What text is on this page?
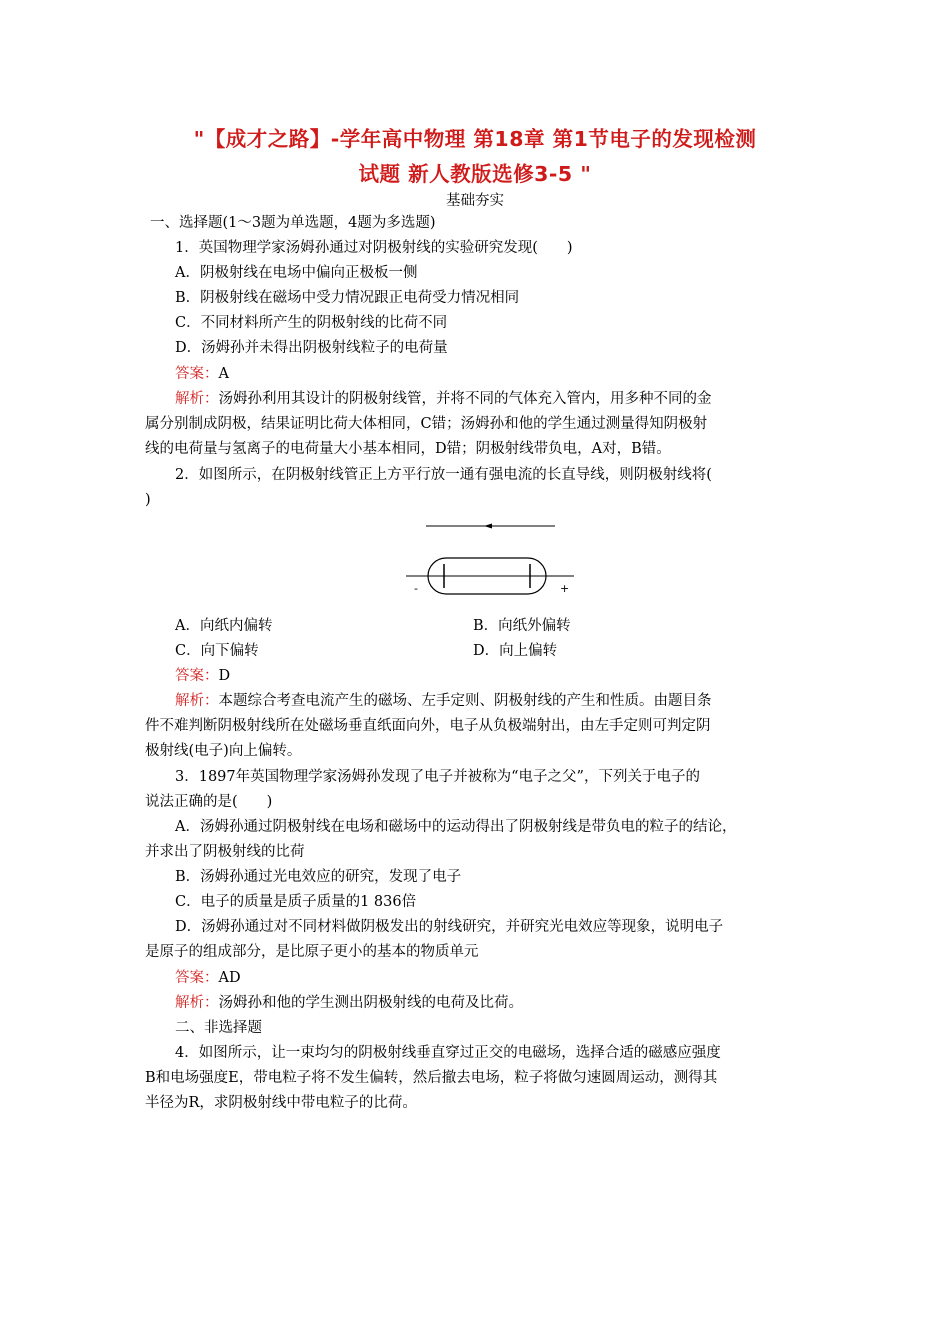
"【成才之路】-学年高中物理 第18章 第1节电子的发现检测
试题 新人教版选修3-5 "
基础夯实
一、选择题(1～3题为单选题，4题为多选题)
1．英国物理学家汤姆孙通过对阴极射线的实验研究发现(　　)
A．阴极射线在电场中偏向正极板一侧
B．阴极射线在磁场中受力情况跟正电荷受力情况相同
C．不同材料所产生的阴极射线的比荷不同
D．汤姆孙并未得出阴极射线粒子的电荷量
答案：A
解析：汤姆孙利用其设计的阴极射线管，并将不同的气体充入管内，用多种不同的金
属分别制成阴极，结果证明比荷大体相同，C错；汤姆孙和他的学生通过测量得知阴极射
线的电荷量与氢离子的电荷量大小基本相同，D错；阴极射线带负电，A对，B错。
2．如图所示，在阴极射线管正上方平行放一通有强电流的长直导线，则阴极射线将(
)
-	+
A．向纸内偏转	B．向纸外偏转
C．向下偏转	D．向上偏转
答案：D
解析：本题综合考查电流产生的磁场、左手定则、阴极射线的产生和性质。由题目条
件不难判断阴极射线所在处磁场垂直纸面向外，电子从负极端射出，由左手定则可判定阴
极射线(电子)向上偏转。
3．1897年英国物理学家汤姆孙发现了电子并被称为“电子之父”，下列关于电子的
说法正确的是(　　)
A．汤姆孙通过阴极射线在电场和磁场中的运动得出了阴极射线是带负电的粒子的结论，
并求出了阴极射线的比荷
B．汤姆孙通过光电效应的研究，发现了电子
C．电子的质量是质子质量的1 836倍
D．汤姆孙通过对不同材料做阴极发出的射线研究，并研究光电效应等现象，说明电子
是原子的组成部分，是比原子更小的基本的物质单元
答案：AD
解析：汤姆孙和他的学生测出阴极射线的电荷及比荷。
二、非选择题
4．如图所示，让一束均匀的阴极射线垂直穿过正交的电磁场，选择合适的磁感应强度
B和电场强度E，带电粒子将不发生偏转，然后撤去电场，粒子将做匀速圆周运动，测得其
半径为R，求阴极射线中带电粒子的比荷。
